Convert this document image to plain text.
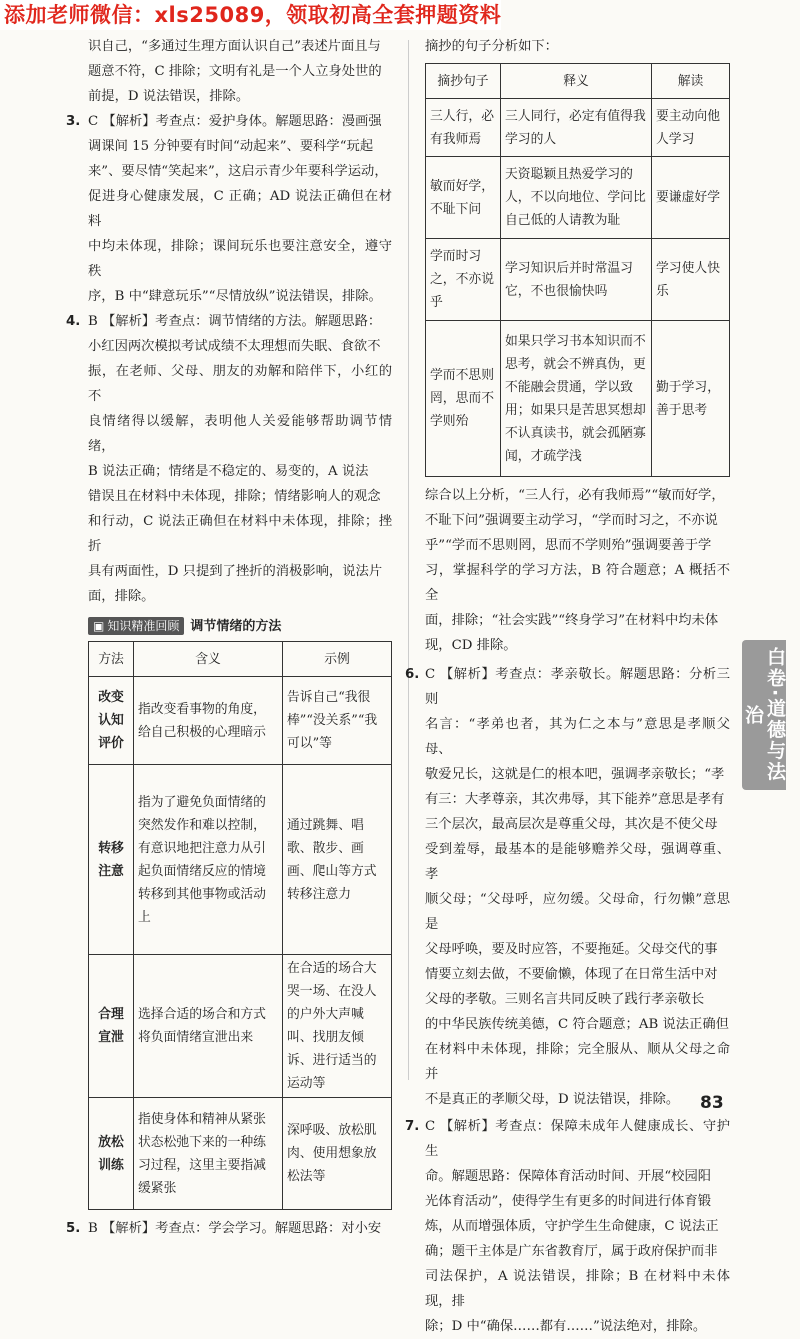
添加老师微信：xls25089，领取初高全套押题资料

识自己，“多通过生理方面认识自己”表述片面且与

题意不符，C 排除；文明有礼是一个人立身处世的

前提，D 说法错误，排除。

3. C 【解析】考查点：爱护身体。解题思路：漫画强

调课间 15 分钟要有时间“动起来”、要科学“玩起

来”、要尽情“笑起来”，这启示青少年要科学运动，

促进身心健康发展，C 正确；AD 说法正确但在材料

中均未体现，排除；课间玩乐也要注意安全，遵守秩

序，B 中“肆意玩乐”“尽情放纵”说法错误，排除。

4. B 【解析】考查点：调节情绪的方法。解题思路：

小红因两次模拟考试成绩不太理想而失眠、食欲不

振，在老师、父母、朋友的劝解和陪伴下，小红的不

良情绪得以缓解，表明他人关爱能够帮助调节情绪，

B 说法正确；情绪是不稳定的、易变的，A 说法

错误且在材料中未体现，排除；情绪影响人的观念

和行动，C 说法正确但在材料中未体现，排除；挫折

具有两面性，D 只提到了挫折的消极影响，说法片

面，排除。

▣ 知识精准回顾 调节情绪的方法
方法	含义	示例
改变认知评价	指改变看事物的角度，给自己积极的心理暗示	告诉自己“我很棒”“没关系”“我可以”等
转移注意	指为了避免负面情绪的突然发作和难以控制，有意识地把注意力从引起负面情绪反应的情境转移到其他事物或活动上	通过跳舞、唱歌、散步、画画、爬山等方式转移注意力
合理宣泄	选择合适的场合和方式将负面情绪宣泄出来	在合适的场合大哭一场、在没人的户外大声喊叫、找朋友倾诉、进行适当的运动等
放松训练	指使身体和精神从紧张状态松弛下来的一种练习过程，这里主要指减缓紧张	深呼吸、放松肌肉、使用想象放松法等
5. B 【解析】考查点：学会学习。解题思路：对小安

摘抄的句子分析如下：

摘抄句子	释义	解读
三人行，必有我师焉	三人同行，必定有值得我学习的人	要主动向他人学习
敏而好学，不耻下问	天资聪颖且热爱学习的人，不以向地位、学问比自己低的人请教为耻	要谦虚好学
学而时习之，不亦说乎	学习知识后并时常温习它，不也很愉快吗	学习使人快乐
学而不思则罔，思而不学则殆	如果只学习书本知识而不思考，就会不辨真伪，更不能融会贯通，学以致用；如果只是苦思冥想却不认真读书，就会孤陋寡闻，才疏学浅	勤于学习，善于思考

综合以上分析，“三人行，必有我师焉”“敏而好学，

不耻下问”强调要主动学习，“学而时习之，不亦说

乎”“学而不思则罔，思而不学则殆”强调要善于学

习，掌握科学的学习方法，B 符合题意；A 概括不全

面，排除；“社会实践”“终身学习”在材料中均未体

现，CD 排除。

6. C 【解析】考查点：孝亲敬长。解题思路：分析三则

名言：“孝弟也者，其为仁之本与”意思是孝顺父母、

敬爱兄长，这就是仁的根本吧，强调孝亲敬长；“孝

有三：大孝尊亲，其次弗辱，其下能养”意思是孝有

三个层次，最高层次是尊重父母，其次是不使父母

受到羞辱，最基本的是能够赡养父母，强调尊重、孝

顺父母；“父母呼，应勿缓。父母命，行勿懒”意思是

父母呼唤，要及时应答，不要拖延。父母交代的事

情要立刻去做，不要偷懒，体现了在日常生活中对

父母的孝敬。三则名言共同反映了践行孝亲敬长

的中华民族传统美德，C 符合题意；AB 说法正确但

在材料中未体现，排除；完全服从、顺从父母之命并

不是真正的孝顺父母，D 说法错误，排除。

7. C 【解析】考查点：保障未成年人健康成长、守护生

命。解题思路：保障体育活动时间、开展“校园阳

光体育活动”，使得学生有更多的时间进行体育锻

炼，从而增强体质，守护学生生命健康，C 说法正

确；题干主体是广东省教育厅，属于政府保护而非

司法保护，A 说法错误，排除；B 在材料中未体现，排

除；D 中“确保……都有……”说法绝对，排除。

白卷·道德与法治
83
